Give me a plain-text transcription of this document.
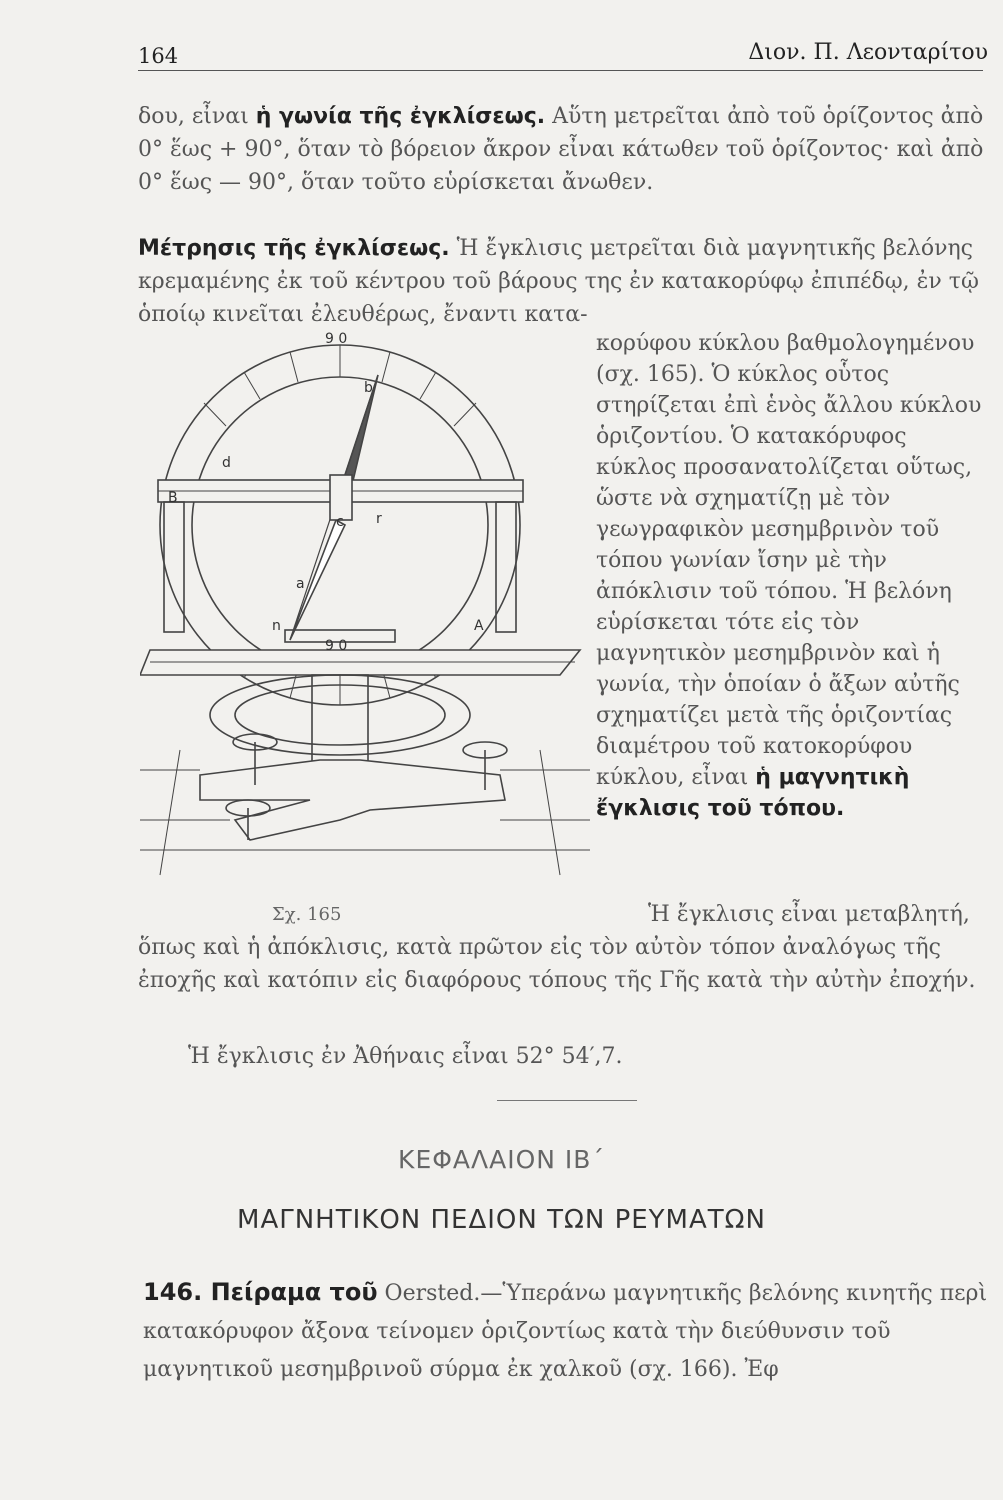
164	Διον. Π. Λεονταρίτου
δου, εἶναι ἡ γωνία τῆς ἐγκλίσεως. Αὕτη μετρεῖται ἀπὸ τοῦ ὁρίζοντος ἀπὸ 0° ἕως + 90°, ὅταν τὸ βόρειον ἄκρον εἶναι κάτωθεν τοῦ ὁρίζοντος· καὶ ἀπὸ 0° ἕως — 90°, ὅταν τοῦτο εὑρίσκεται ἄνωθεν.
Μέτρησις τῆς ἐγκλίσεως. Ἡ ἔγκλισις μετρεῖται διὰ μαγνητικῆς βελόνης κρεμαμένης ἐκ τοῦ κέντρου τοῦ βάρους της ἐν κατακορύφῳ ἐπιπέδῳ, ἐν τῷ ὁποίῳ κινεῖται ἐλευθέρως, ἔναντι κατα-
κορύφου κύκλου βαθμολογημένου (σχ. 165). Ὁ κύκλος οὗτος στηρίζεται ἐπὶ ἑνὸς ἄλλου κύκλου ὁριζοντίου. Ὁ κατακόρυφος κύκλος προσανατολίζεται οὕτως, ὥστε νὰ σχηματίζῃ μὲ τὸν γεωγραφικὸν μεσημβρινὸν τοῦ τόπου γωνίαν ἴσην μὲ τὴν ἀπόκλισιν τοῦ τόπου. Ἡ βελόνη εὑρίσκεται τότε εἰς τὸν μαγνητικὸν μεσημβρινὸν καὶ ἡ γωνία, τὴν ὁποίαν ὁ ἄξων αὐτῆς σχηματίζει μετὰ τῆς ὁριζοντίας διαμέτρου τοῦ κατοκορύφου κύκλου, εἶναι ἡ μαγνητικὴ ἔγκλισις τοῦ τόπου.
9 0
9 0
b
d
r
a
n	A
B
c
Σχ. 165	Ἡ ἔγκλισις εἶναι μεταβλητή, ὅπως καὶ ἡ ἀπόκλισις, κατὰ πρῶτον εἰς τὸν αὐτὸν τόπον ἀναλόγως τῆς ἐποχῆς καὶ κατόπιν εἰς διαφόρους τόπους τῆς Γῆς κατὰ τὴν αὐτὴν ἐποχήν.
Ἡ ἔγκλισις ἐν Ἀθήναις εἶναι 52° 54′,7.
ΚΕΦΑΛΑΙΟΝ ΙΒ΄
ΜΑΓΝΗΤΙΚΟΝ ΠΕΔΙΟΝ ΤΩΝ ΡΕΥΜΑΤΩΝ
146. Πείραμα τοῦ Oersted.—Ὑπεράνω μαγνητικῆς βελόνης κινητῆς περὶ κατακόρυφον ἄξονα τείνομεν ὁριζοντίως κατὰ τὴν διεύθυνσιν τοῦ μαγνητικοῦ μεσημβρινοῦ σύρμα ἐκ χαλκοῦ (σχ. 166). Ἐφ
